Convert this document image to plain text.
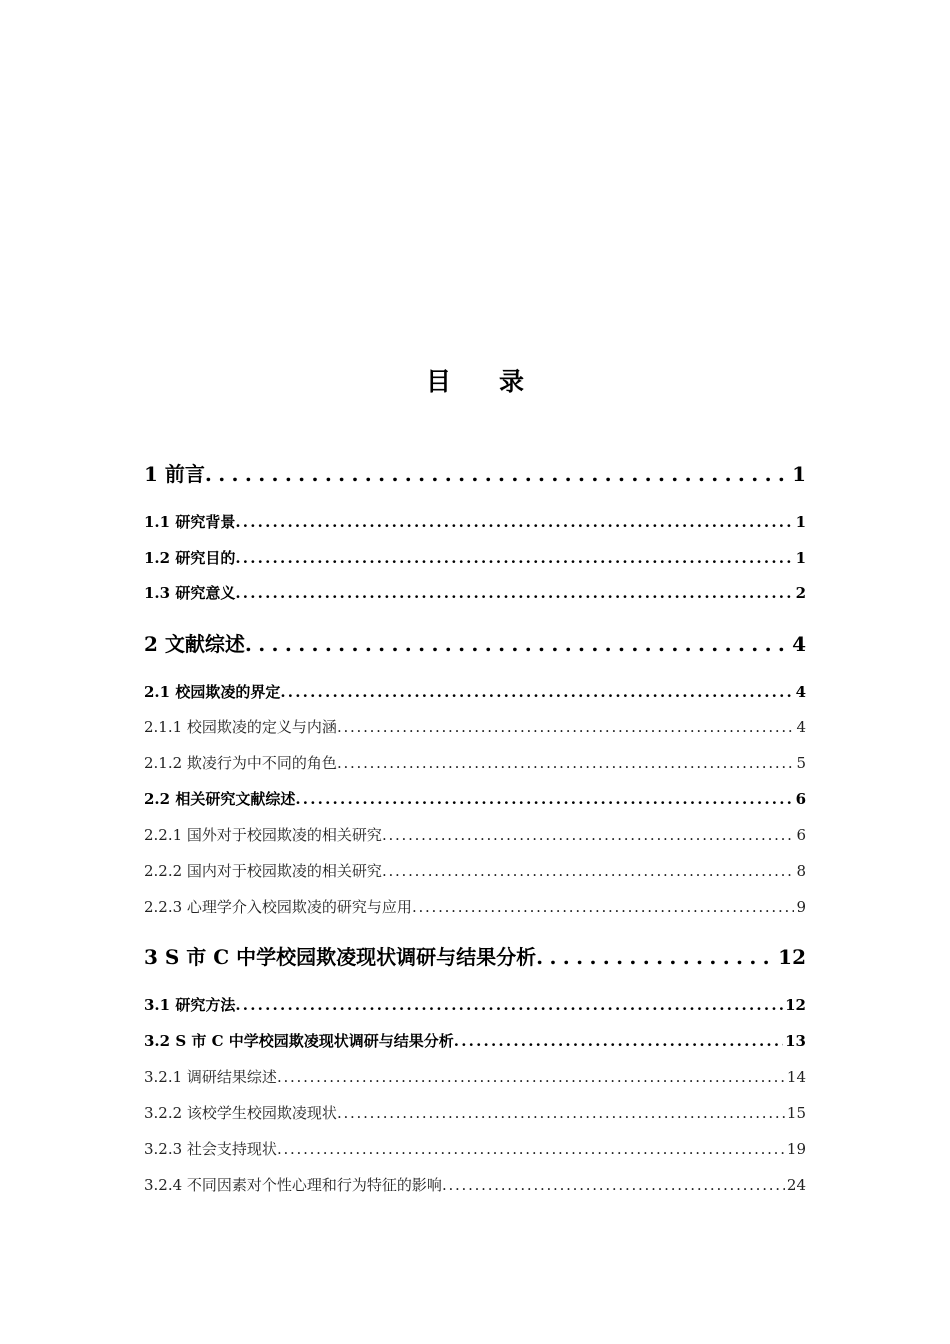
目 录
1 前言 . . .	1
1.1 研究背景 . . .	1
1.2 研究目的 . . .	1
1.3 研究意义 . . .	2
2 文献综述 . . .	4
2.1 校园欺凌的界定 . . .	4
2.1.1 校园欺凌的定义与内涵 . . .	4
2.1.2 欺凌行为中不同的角色 . . .	5
2.2 相关研究文献综述 . . .	6
2.2.1 国外对于校园欺凌的相关研究 . . .	6
2.2.2 国内对于校园欺凌的相关研究 . . .	8
2.2.3 心理学介入校园欺凌的研究与应用 . . .	9
3 S 市 C 中学校园欺凌现状调研与结果分析 . . .	12
3.1 研究方法 . . .	12
3.2 S 市 C 中学校园欺凌现状调研与结果分析 . . .	13
3.2.1 调研结果综述 . . .	14
3.2.2 该校学生校园欺凌现状 . . .	15
3.2.3 社会支持现状 . . .	19
3.2.4 不同因素对个性心理和行为特征的影响 . . .	24
